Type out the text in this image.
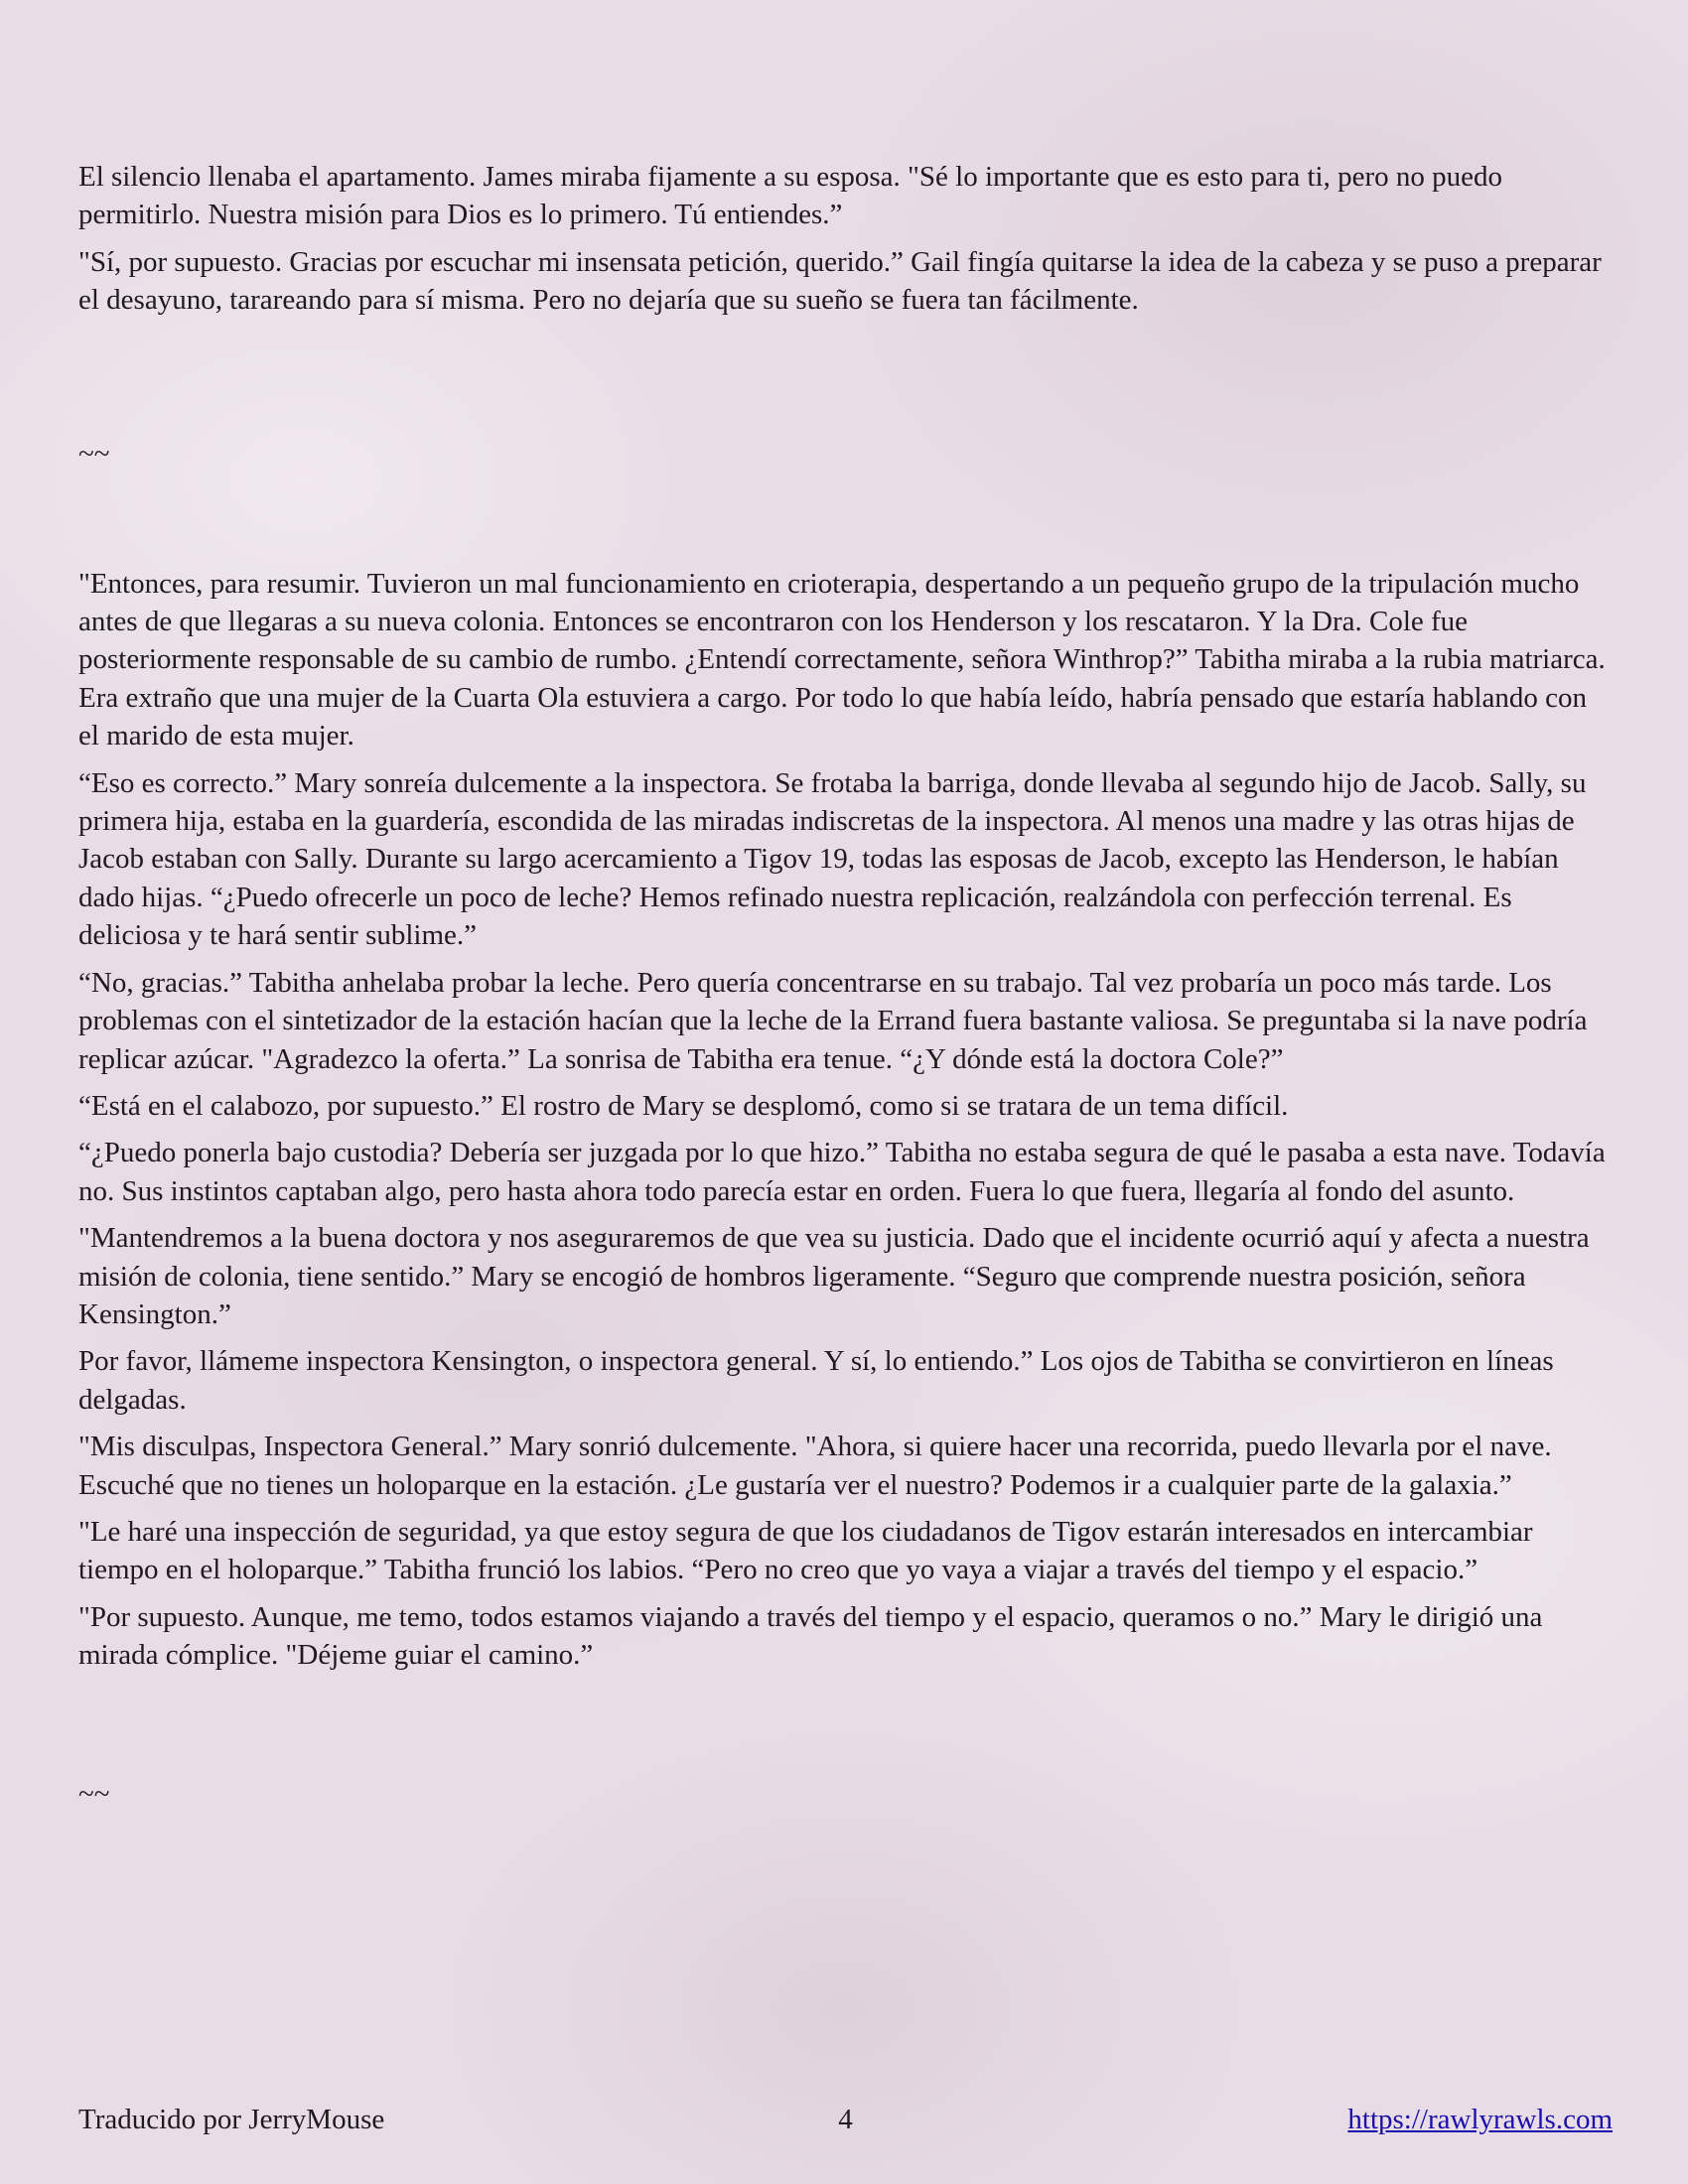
El silencio llenaba el apartamento. James miraba fijamente a su esposa. "Sé lo importante que es esto para ti, pero no puedo permitirlo. Nuestra misión para Dios es lo primero. Tú entiendes.”

"Sí, por supuesto. Gracias por escuchar mi insensata petición, querido.” Gail fingía quitarse la idea de la cabeza y se puso a preparar el desayuno, tarareando para sí misma. Pero no dejaría que su sueño se fuera tan fácilmente.

~~

"Entonces, para resumir. Tuvieron un mal funcionamiento en crioterapia, despertando a un pequeño grupo de la tripulación mucho antes de que llegaras a su nueva colonia. Entonces se encontraron con los Henderson y los rescataron. Y la Dra. Cole fue posteriormente responsable de su cambio de rumbo. ¿Entendí correctamente, señora Winthrop?” Tabitha miraba a la rubia matriarca. Era extraño que una mujer de la Cuarta Ola estuviera a cargo. Por todo lo que había leído, habría pensado que estaría hablando con el marido de esta mujer.

“Eso es correcto.” Mary sonreía dulcemente a la inspectora. Se frotaba la barriga, donde llevaba al segundo hijo de Jacob. Sally, su primera hija, estaba en la guardería, escondida de las miradas indiscretas de la inspectora. Al menos una madre y las otras hijas de Jacob estaban con Sally. Durante su largo acercamiento a Tigov 19, todas las esposas de Jacob, excepto las Henderson, le habían dado hijas. “¿Puedo ofrecerle un poco de leche? Hemos refinado nuestra replicación, realzándola con perfección terrenal. Es deliciosa y te hará sentir sublime.”

“No, gracias.” Tabitha anhelaba probar la leche. Pero quería concentrarse en su trabajo. Tal vez probaría un poco más tarde. Los problemas con el sintetizador de la estación hacían que la leche de la Errand fuera bastante valiosa. Se preguntaba si la nave podría replicar azúcar. "Agradezco la oferta.” La sonrisa de Tabitha era tenue. “¿Y dónde está la doctora Cole?”

“Está en el calabozo, por supuesto.” El rostro de Mary se desplomó, como si se tratara de un tema difícil.

“¿Puedo ponerla bajo custodia? Debería ser juzgada por lo que hizo.” Tabitha no estaba segura de qué le pasaba a esta nave. Todavía no. Sus instintos captaban algo, pero hasta ahora todo parecía estar en orden. Fuera lo que fuera, llegaría al fondo del asunto.

"Mantendremos a la buena doctora y nos aseguraremos de que vea su justicia. Dado que el incidente ocurrió aquí y afecta a nuestra misión de colonia, tiene sentido.” Mary se encogió de hombros ligeramente. “Seguro que comprende nuestra posición, señora Kensington.”

Por favor, llámeme inspectora Kensington, o inspectora general. Y sí, lo entiendo.” Los ojos de Tabitha se convirtieron en líneas delgadas.

"Mis disculpas, Inspectora General.” Mary sonrió dulcemente. "Ahora, si quiere hacer una recorrida, puedo llevarla por el nave. Escuché que no tienes un holoparque en la estación. ¿Le gustaría ver el nuestro? Podemos ir a cualquier parte de la galaxia.”

"Le haré una inspección de seguridad, ya que estoy segura de que los ciudadanos de Tigov estarán interesados en intercambiar tiempo en el holoparque.” Tabitha frunció los labios. “Pero no creo que yo vaya a viajar a través del tiempo y el espacio.”

"Por supuesto. Aunque, me temo, todos estamos viajando a través del tiempo y el espacio, queramos o no.” Mary le dirigió una mirada cómplice. "Déjeme guiar el camino.”

~~

4
Traducido por JerryMouse	https://rawlyrawls.com
